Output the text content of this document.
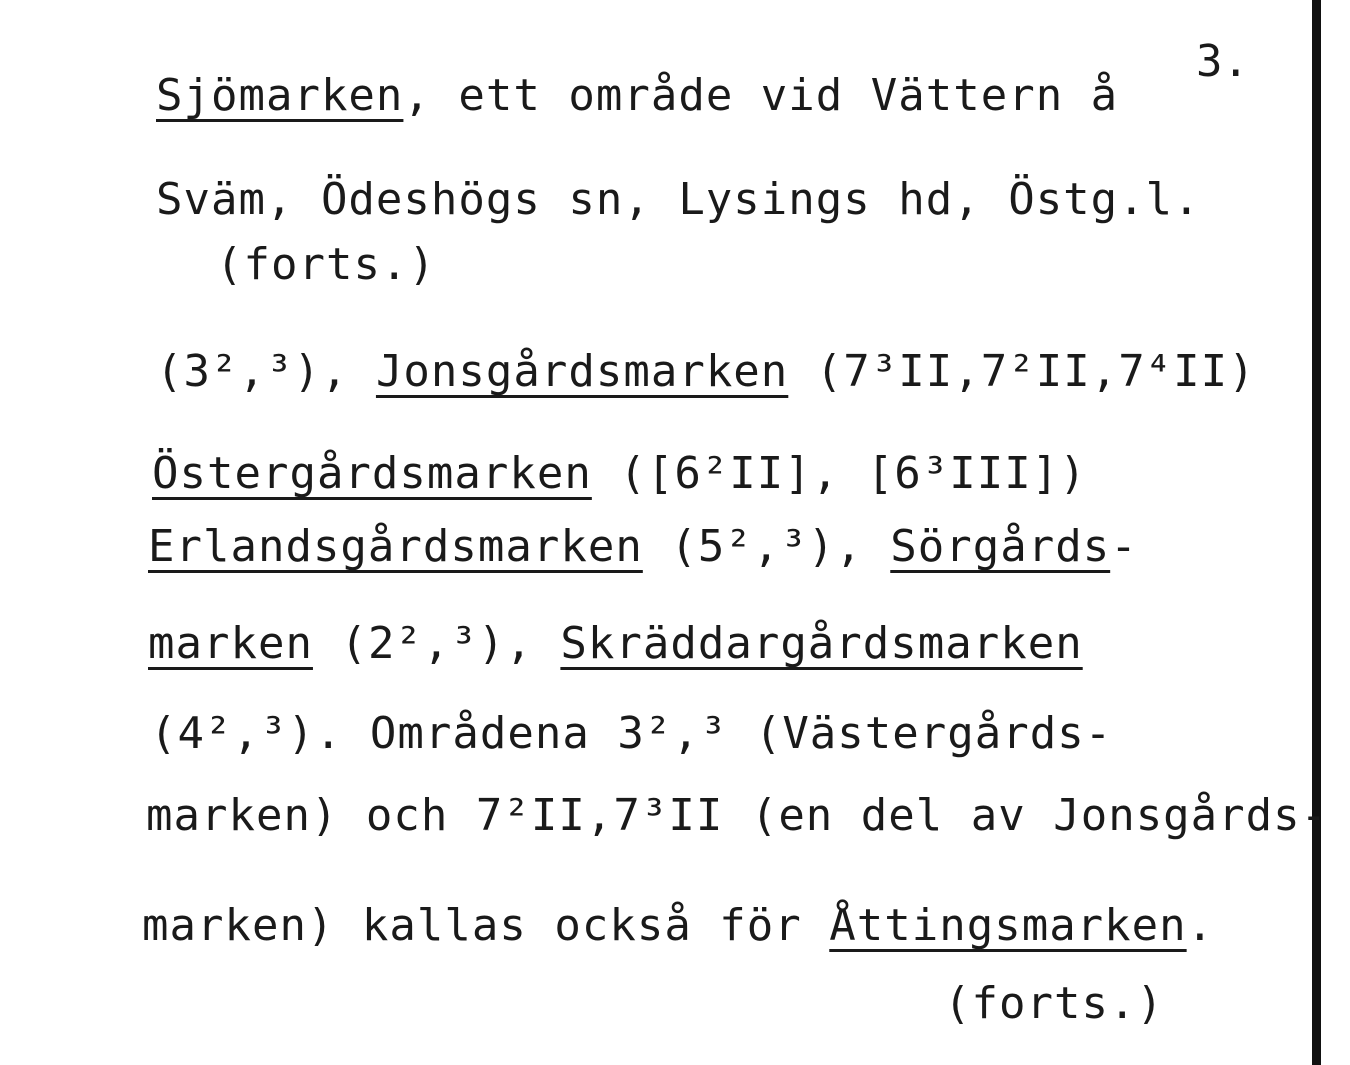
3.
Sjömarken, ett område vid Vättern å
Sväm, Ödeshögs sn, Lysings hd, Östg.l.
(forts.)
(3²,³), Jonsgårdsmarken (7³II,7²II,7⁴II)
Östergårdsmarken ([6²II], [6³III])
Erlandsgårdsmarken (5²,³), Sörgårds-
marken (2²,³), Skräddargårdsmarken
(4²,³). Områdena 3²,³ (Västergårds-
marken) och 7²II,7³II (en del av Jonsgårds-
marken) kallas också för Åttingsmarken.
(forts.)
